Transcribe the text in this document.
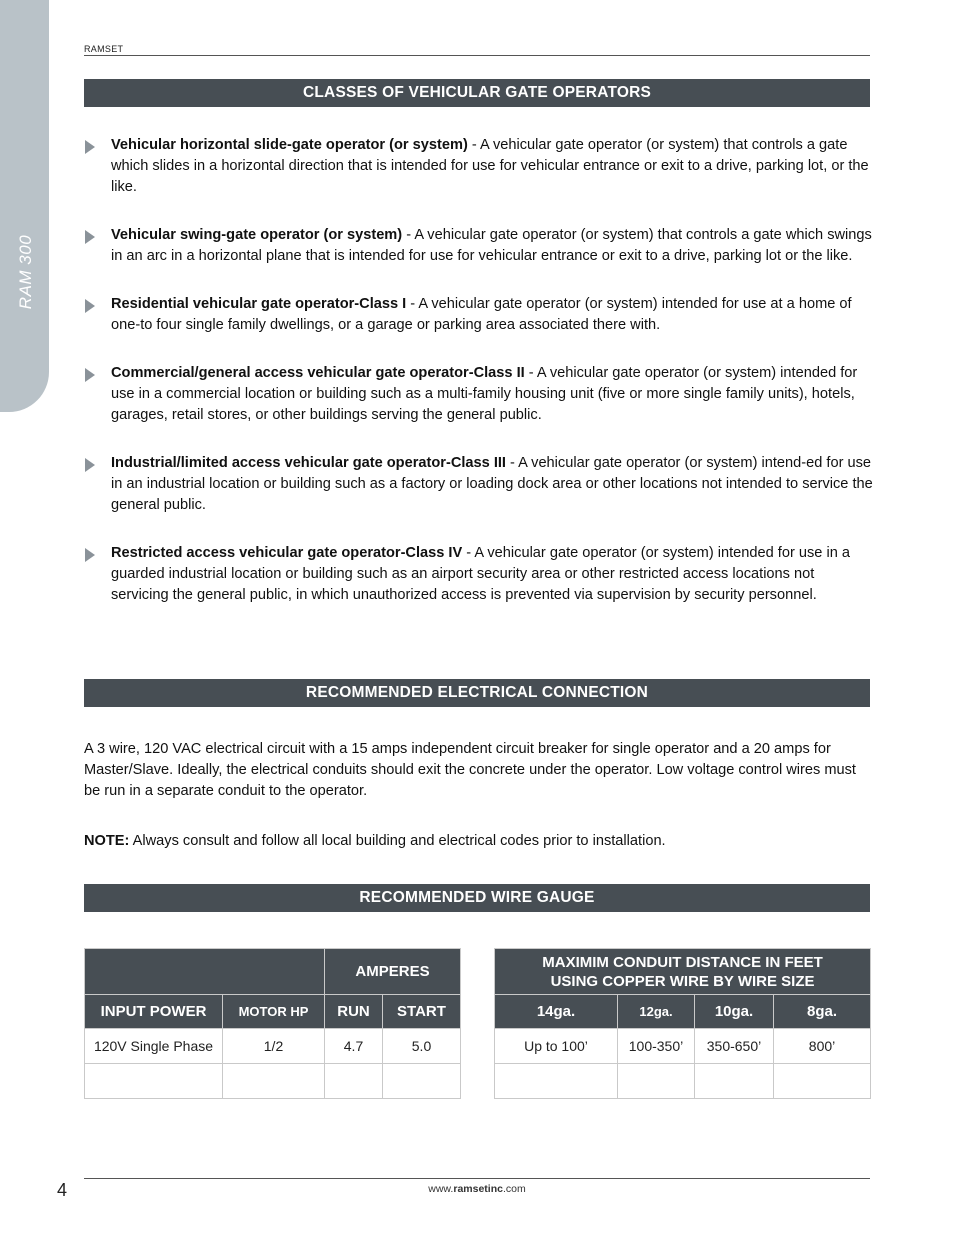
RAM 300
RAMSET
CLASSES OF VEHICULAR GATE OPERATORS
Vehicular horizontal slide-gate operator (or system) - A vehicular gate operator (or system) that controls a gate which slides in a horizontal direction that is intended for use for vehicular entrance or exit to a drive, parking lot, or the like.
Vehicular swing-gate operator (or system) - A vehicular gate operator (or system) that controls a gate which swings in an arc in a horizontal plane that is intended for use for vehicular entrance or exit to a drive, parking lot or the like.
Residential vehicular gate operator-Class I - A vehicular gate operator (or system) intended for use at a home of one-to four single family dwellings, or a garage or parking area associated there with.
Commercial/general access vehicular gate operator-Class II - A vehicular gate operator (or system) intended for use in a commercial location or building such as a multi-family housing unit (five or more single family units), hotels, garages, retail stores, or other buildings serving the general public.
Industrial/limited access vehicular gate operator-Class III - A vehicular gate operator (or system) intend-ed for use in an industrial location or building such as a factory or loading dock area or other locations not intended to service the general public.
Restricted access vehicular gate operator-Class IV - A vehicular gate operator (or system) intended for use in a guarded industrial location or building such as an airport security area or other restricted access locations not servicing the general public, in which unauthorized access is prevented via supervision by security personnel.
RECOMMENDED ELECTRICAL CONNECTION
A 3 wire, 120 VAC electrical circuit with a 15 amps independent circuit breaker for single operator and a 20 amps for Master/Slave. Ideally, the electrical conduits should exit the concrete under the operator. Low voltage control wires must be run in a separate conduit to the operator.
NOTE: Always consult and follow all local building and electrical codes prior to installation.
RECOMMENDED WIRE GAUGE
		AMPERES	
INPUT POWER	MOTOR HP	RUN	START
120V Single Phase	1/2	4.7	5.0

MAXIMIM CONDUIT DISTANCE IN FEET
USING COPPER WIRE BY WIRE SIZE			
14ga.	12ga.	10ga.	8ga.
Up to 100’	100-350’	350-650’	800’

4	www.ramsetinc.com
